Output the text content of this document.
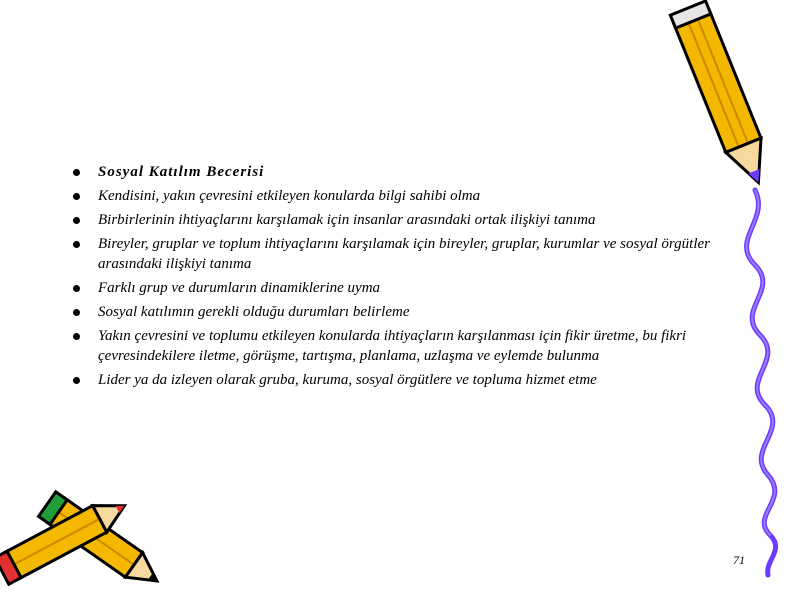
Sosyal Katılım Becerisi
Kendisini, yakın çevresini etkileyen konularda bilgi sahibi olma
Birbirlerinin ihtiyaçlarını karşılamak için insanlar arasındaki ortak ilişkiyi tanıma
Bireyler, gruplar ve toplum ihtiyaçlarını karşılamak için bireyler, gruplar, kurumlar ve sosyal örgütler arasındaki ilişkiyi tanıma
Farklı grup ve durumların dinamiklerine uyma
Sosyal katılımın gerekli olduğu durumları belirleme
Yakın çevresini ve toplumu etkileyen konularda ihtiyaçların karşılanması için fikir üretme, bu fikri çevresindekilere iletme, görüşme, tartışma, planlama, uzlaşma ve eylemde bulunma
Lider ya da izleyen olarak gruba, kuruma, sosyal örgütlere ve topluma hizmet etme
71
